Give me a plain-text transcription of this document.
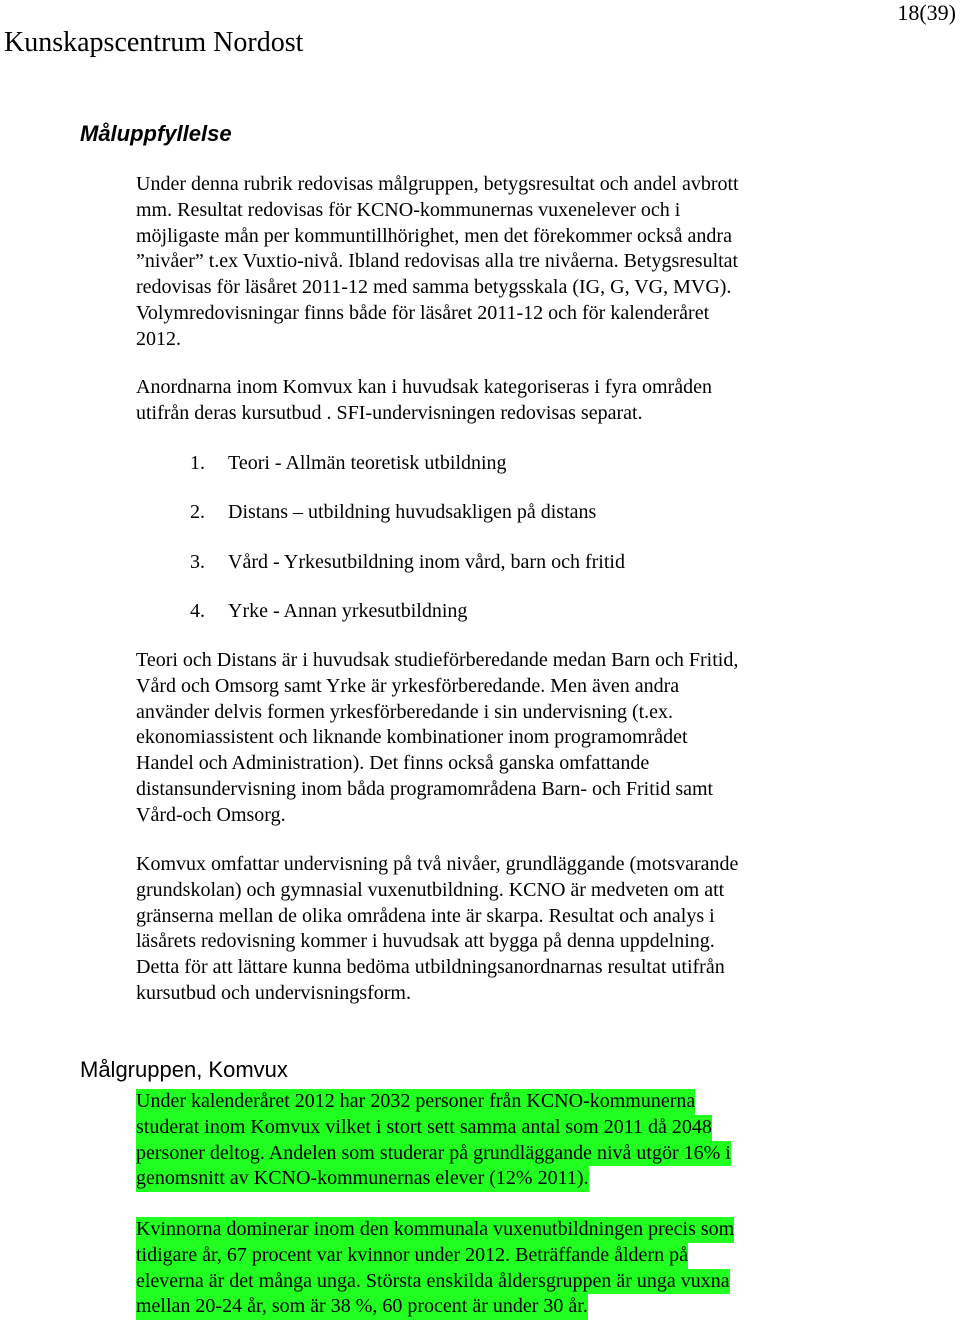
Kunskapscentrum Nordost
18(39)
Måluppfyllelse
Under denna rubrik redovisas målgruppen, betygsresultat och andel avbrott
mm. Resultat redovisas för KCNO-kommunernas vuxenelever och i
möjligaste mån per kommuntillhörighet, men det förekommer också andra
”nivåer” t.ex Vuxtio-nivå. Ibland redovisas alla tre nivåerna. Betygsresultat
redovisas för läsåret 2011-12 med samma betygsskala (IG, G, VG, MVG).
Volymredovisningar finns både för läsåret 2011-12 och för kalenderåret
2012.
Anordnarna inom Komvux kan i huvudsak kategoriseras i fyra områden
utifrån deras kursutbud . SFI-undervisningen redovisas separat.
1. Teori - Allmän teoretisk utbildning
2. Distans – utbildning huvudsakligen på distans
3. Vård - Yrkesutbildning inom vård, barn och fritid
4. Yrke - Annan yrkesutbildning
Teori och Distans är i huvudsak studieförberedande medan Barn och Fritid,
Vård och Omsorg samt Yrke är yrkesförberedande. Men även andra
använder delvis formen yrkesförberedande i sin undervisning (t.ex.
ekonomiassistent och liknande kombinationer inom programområdet
Handel och Administration). Det finns också ganska omfattande
distansundervisning inom båda programområdena Barn- och Fritid samt
Vård-och Omsorg.
Komvux omfattar undervisning på två nivåer, grundläggande (motsvarande
grundskolan) och gymnasial vuxenutbildning. KCNO är medveten om att
gränserna mellan de olika områdena inte är skarpa. Resultat och analys i
läsårets redovisning kommer i huvudsak att bygga på denna uppdelning.
Detta för att lättare kunna bedöma utbildningsanordnarnas resultat utifrån
kursutbud och undervisningsform.
Målgruppen, Komvux
Under kalenderåret 2012 har 2032 personer från KCNO-kommunerna
studerat inom Komvux vilket i stort sett samma antal som 2011 då 2048
personer deltog. Andelen som studerar på grundläggande nivå utgör 16% i
genomsnitt av KCNO-kommunernas elever (12% 2011).
Kvinnorna dominerar inom den kommunala vuxenutbildningen precis som
tidigare år, 67 procent var kvinnor under 2012. Beträffande åldern på
eleverna är det många unga. Största enskilda åldersgruppen är unga vuxna
mellan 20-24 år, som är 38 %, 60 procent är under 30 år.
